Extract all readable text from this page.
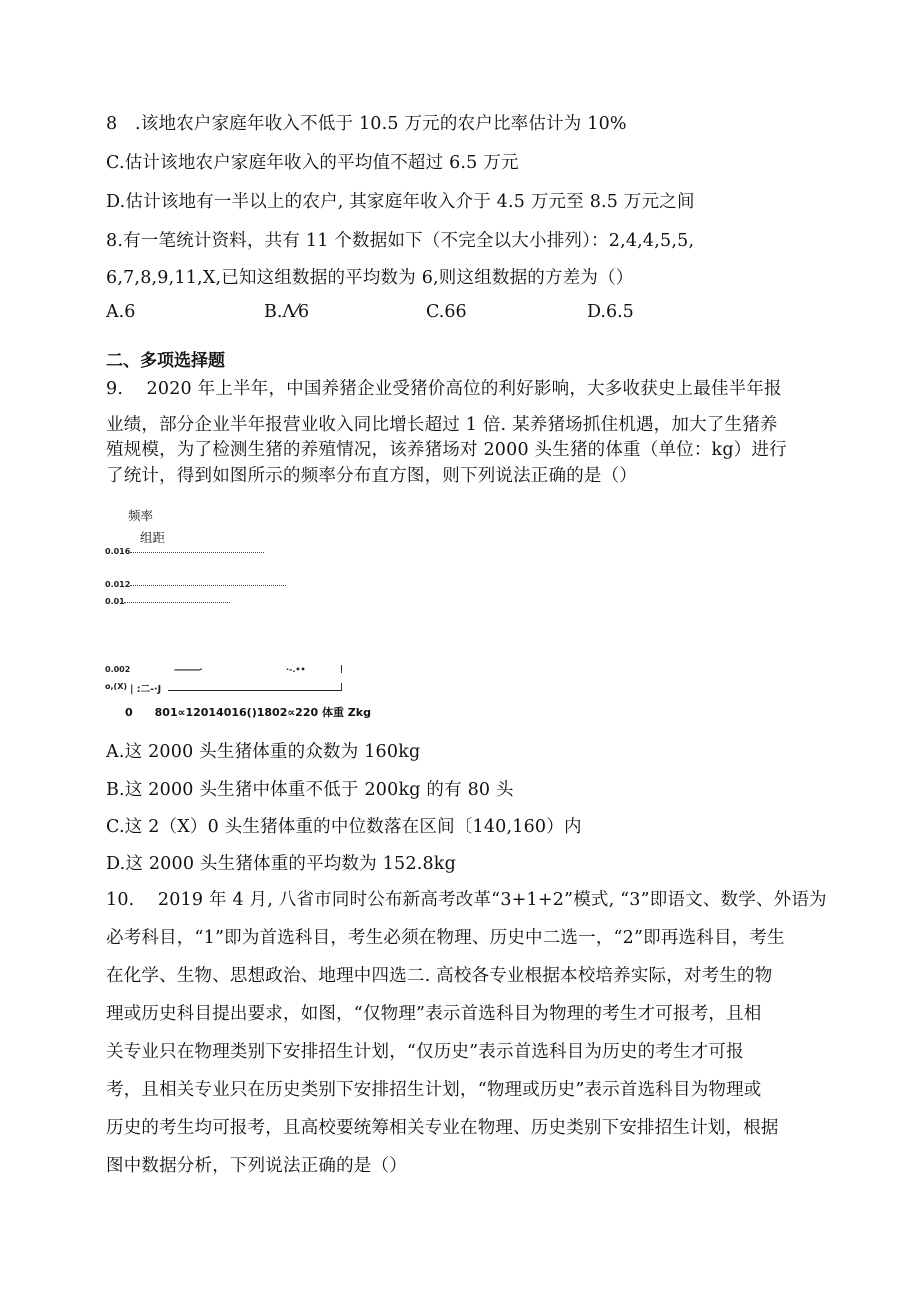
8　.该地农户家庭年收入不低于 10.5 万元的农户比率估计为 10%
C.估计该地农户家庭年收入的平均值不超过 6.5 万元
D.估计该地有一半以上的农户, 其家庭年收入介于 4.5 万元至 8.5 万元之间
8.有一笔统计资料，共有 11 个数据如下（不完全以大小排列）：2,4,4,5,5,
6,7,8,9,11,X,已知这组数据的平均数为 6,则这组数据的方差为（）
A.6	B.Λ⁄6	C.66	D.6.5
二、多项选择题
9.　 2020 年上半年，中国养猪企业受猪价高位的利好影响，大多收获史上最佳半年报
业绩，部分企业半年报营业收入同比增长超过 1 倍. 某养猪场抓住机遇，加大了生猪养
殖规模，为了检测生猪的养殖情况，该养猪场对 2000 头生猪的体重（单位：kg）进行
了统计，得到如图所示的频率分布直方图，则下列说法正确的是（）
频率
组距
0.016
0.012
0.01
0.002	-----------·	·-.••	|
o,(X) | :二-·J	|
0　　801∝12014016()1802∝220 体重 Zkg
A.这 2000 头生猪体重的众数为 160kg
B.这 2000 头生猪中体重不低于 200kg 的有 80 头
C.这 2（X）0 头生猪体重的中位数落在区间〔140,160）内
D.这 2000 头生猪体重的平均数为 152.8kg
10.　 2019 年 4 月, 八省市同时公布新高考改革“3+1+2”模式, “3”即语文、数学、外语为
必考科目，“1”即为首选科目，考生必须在物理、历史中二选一，“2”即再选科目，考生
在化学、生物、思想政治、地理中四选二. 高校各专业根据本校培养实际，对考生的物
理或历史科目提出要求，如图，“仅物理”表示首选科目为物理的考生才可报考，且相
关专业只在物理类别下安排招生计划，“仅历史”表示首选科目为历史的考生才可报
考，且相关专业只在历史类别下安排招生计划，“物理或历史”表示首选科目为物理或
历史的考生均可报考，且高校要统筹相关专业在物理、历史类别下安排招生计划，根据
图中数据分析，下列说法正确的是（）
